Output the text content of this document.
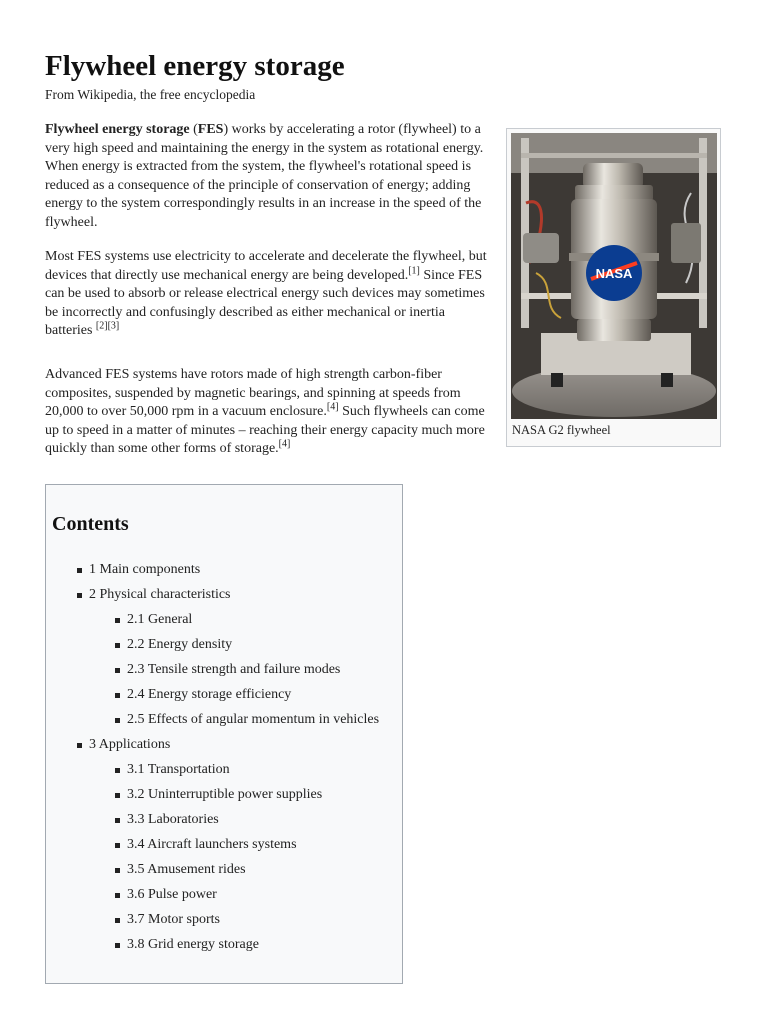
Flywheel energy storage

From Wikipedia, the free encyclopedia

Flywheel energy storage (FES) works by accelerating a rotor (flywheel) to a very high speed and maintaining the energy in the system as rotational energy. When energy is extracted from the system, the flywheel's rotational speed is reduced as a consequence of the principle of conservation of energy; adding energy to the system correspondingly results in an increase in the speed of the flywheel.

Most FES systems use electricity to accelerate and decelerate the flywheel, but devices that directly use mechanical energy are being developed.[1] Since FES can be used to absorb or release electrical energy such devices may sometimes be incorrectly and confusingly described as either mechanical or inertia batteries [2][3]

Advanced FES systems have rotors made of high strength carbon-fiber composites, suspended by magnetic bearings, and spinning at speeds from 20,000 to over 50,000 rpm in a vacuum enclosure.[4] Such flywheels can come up to speed in a matter of minutes – reaching their energy capacity much more quickly than some other forms of storage.[4]

NASA
NASA G2 flywheel
Contents
1 Main components
2 Physical characteristics
2.1 General
2.2 Energy density
2.3 Tensile strength and failure modes
2.4 Energy storage efficiency
2.5 Effects of angular momentum in vehicles
3 Applications
3.1 Transportation
3.2 Uninterruptible power supplies
3.3 Laboratories
3.4 Aircraft launchers systems
3.5 Amusement rides
3.6 Pulse power
3.7 Motor sports
3.8 Grid energy storage
